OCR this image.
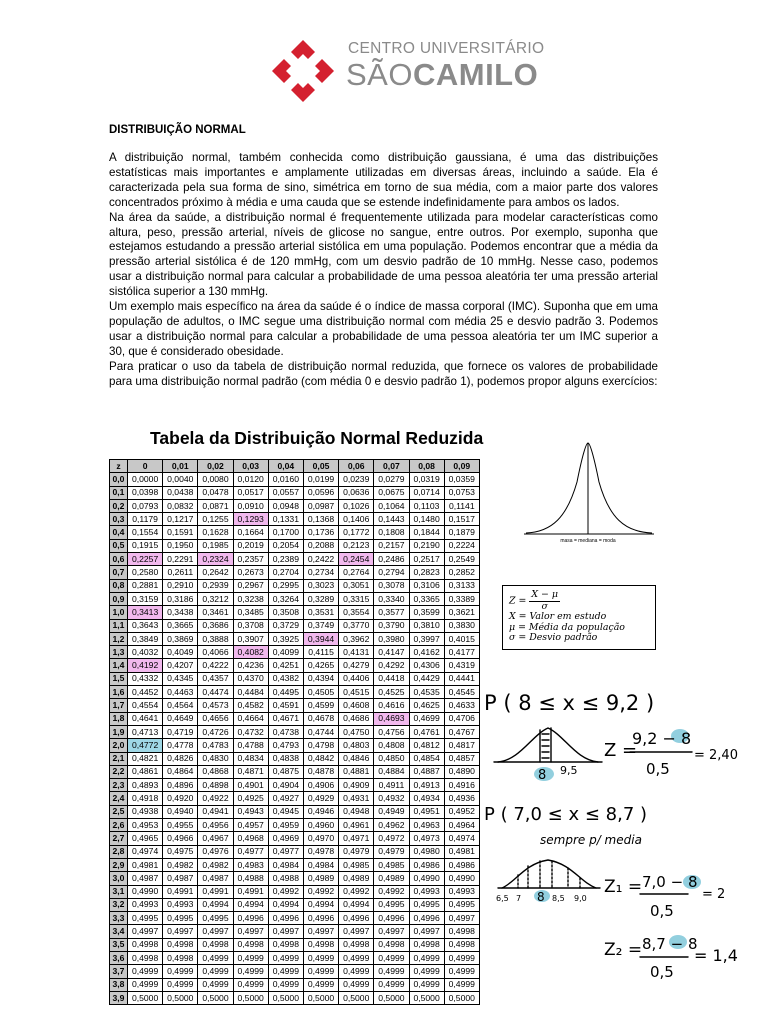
CENTRO UNIVERSITÁRIO
SÃOCAMILO
DISTRIBUIÇÃO NORMAL

A distribuição normal, também conhecida como distribuição gaussiana, é uma das distribuições estatísticas mais importantes e amplamente utilizadas em diversas áreas, incluindo a saúde. Ela é caracterizada pela sua forma de sino, simétrica em torno de sua média, com a maior parte dos valores concentrados próximo à média e uma cauda que se estende indefinidamente para ambos os lados.

Na área da saúde, a distribuição normal é frequentemente utilizada para modelar características como altura, peso, pressão arterial, níveis de glicose no sangue, entre outros. Por exemplo, suponha que estejamos estudando a pressão arterial sistólica em uma população. Podemos encontrar que a média da pressão arterial sistólica é de 120 mmHg, com um desvio padrão de 10 mmHg. Nesse caso, podemos usar a distribuição normal para calcular a probabilidade de uma pessoa aleatória ter uma pressão arterial sistólica superior a 130 mmHg.

Um exemplo mais específico na área da saúde é o índice de massa corporal (IMC). Suponha que em uma população de adultos, o IMC segue uma distribuição normal com média 25 e desvio padrão 3. Podemos usar a distribuição normal para calcular a probabilidade de uma pessoa aleatória ter um IMC superior a 30, que é considerado obesidade.

Para praticar o uso da tabela de distribuição normal reduzida, que fornece os valores de probabilidade para uma distribuição normal padrão (com média 0 e desvio padrão 1), podemos propor alguns exercícios:

Tabela da Distribuição Normal Reduzida
z	0	0,01	0,02	0,03	0,04	0,05	0,06	0,07	0,08	0,09
0,0	0,0000	0,0040	0,0080	0,0120	0,0160	0,0199	0,0239	0,0279	0,0319	0,0359
0,1	0,0398	0,0438	0,0478	0,0517	0,0557	0,0596	0,0636	0,0675	0,0714	0,0753
0,2	0,0793	0,0832	0,0871	0,0910	0,0948	0,0987	0,1026	0,1064	0,1103	0,1141
0,3	0,1179	0,1217	0,1255	0,1293	0,1331	0,1368	0,1406	0,1443	0,1480	0,1517
0,4	0,1554	0,1591	0,1628	0,1664	0,1700	0,1736	0,1772	0,1808	0,1844	0,1879
0,5	0,1915	0,1950	0,1985	0,2019	0,2054	0,2088	0,2123	0,2157	0,2190	0,2224
0,6	0,2257	0,2291	0,2324	0,2357	0,2389	0,2422	0,2454	0,2486	0,2517	0,2549
0,7	0,2580	0,2611	0,2642	0,2673	0,2704	0,2734	0,2764	0,2794	0,2823	0,2852
0,8	0,2881	0,2910	0,2939	0,2967	0,2995	0,3023	0,3051	0,3078	0,3106	0,3133
0,9	0,3159	0,3186	0,3212	0,3238	0,3264	0,3289	0,3315	0,3340	0,3365	0,3389
1,0	0,3413	0,3438	0,3461	0,3485	0,3508	0,3531	0,3554	0,3577	0,3599	0,3621
1,1	0,3643	0,3665	0,3686	0,3708	0,3729	0,3749	0,3770	0,3790	0,3810	0,3830
1,2	0,3849	0,3869	0,3888	0,3907	0,3925	0,3944	0,3962	0,3980	0,3997	0,4015
1,3	0,4032	0,4049	0,4066	0,4082	0,4099	0,4115	0,4131	0,4147	0,4162	0,4177
1,4	0,4192	0,4207	0,4222	0,4236	0,4251	0,4265	0,4279	0,4292	0,4306	0,4319
1,5	0,4332	0,4345	0,4357	0,4370	0,4382	0,4394	0,4406	0,4418	0,4429	0,4441
1,6	0,4452	0,4463	0,4474	0,4484	0,4495	0,4505	0,4515	0,4525	0,4535	0,4545
1,7	0,4554	0,4564	0,4573	0,4582	0,4591	0,4599	0,4608	0,4616	0,4625	0,4633
1,8	0,4641	0,4649	0,4656	0,4664	0,4671	0,4678	0,4686	0,4693	0,4699	0,4706
1,9	0,4713	0,4719	0,4726	0,4732	0,4738	0,4744	0,4750	0,4756	0,4761	0,4767
2,0	0,4772	0,4778	0,4783	0,4788	0,4793	0,4798	0,4803	0,4808	0,4812	0,4817
2,1	0,4821	0,4826	0,4830	0,4834	0,4838	0,4842	0,4846	0,4850	0,4854	0,4857
2,2	0,4861	0,4864	0,4868	0,4871	0,4875	0,4878	0,4881	0,4884	0,4887	0,4890
2,3	0,4893	0,4896	0,4898	0,4901	0,4904	0,4906	0,4909	0,4911	0,4913	0,4916
2,4	0,4918	0,4920	0,4922	0,4925	0,4927	0,4929	0,4931	0,4932	0,4934	0,4936
2,5	0,4938	0,4940	0,4941	0,4943	0,4945	0,4946	0,4948	0,4949	0,4951	0,4952
2,6	0,4953	0,4955	0,4956	0,4957	0,4959	0,4960	0,4961	0,4962	0,4963	0,4964
2,7	0,4965	0,4966	0,4967	0,4968	0,4969	0,4970	0,4971	0,4972	0,4973	0,4974
2,8	0,4974	0,4975	0,4976	0,4977	0,4977	0,4978	0,4979	0,4979	0,4980	0,4981
2,9	0,4981	0,4982	0,4982	0,4983	0,4984	0,4984	0,4985	0,4985	0,4986	0,4986
3,0	0,4987	0,4987	0,4987	0,4988	0,4988	0,4989	0,4989	0,4989	0,4990	0,4990
3,1	0,4990	0,4991	0,4991	0,4991	0,4992	0,4992	0,4992	0,4992	0,4993	0,4993
3,2	0,4993	0,4993	0,4994	0,4994	0,4994	0,4994	0,4994	0,4995	0,4995	0,4995
3,3	0,4995	0,4995	0,4995	0,4996	0,4996	0,4996	0,4996	0,4996	0,4996	0,4997
3,4	0,4997	0,4997	0,4997	0,4997	0,4997	0,4997	0,4997	0,4997	0,4997	0,4998
3,5	0,4998	0,4998	0,4998	0,4998	0,4998	0,4998	0,4998	0,4998	0,4998	0,4998
3,6	0,4998	0,4998	0,4999	0,4999	0,4999	0,4999	0,4999	0,4999	0,4999	0,4999
3,7	0,4999	0,4999	0,4999	0,4999	0,4999	0,4999	0,4999	0,4999	0,4999	0,4999
3,8	0,4999	0,4999	0,4999	0,4999	0,4999	0,4999	0,4999	0,4999	0,4999	0,4999
3,9	0,5000	0,5000	0,5000	0,5000	0,5000	0,5000	0,5000	0,5000	0,5000	0,5000
masa = mediana = moda
$Z = \frac{X - \mu}{\sigma}$
X = Valor em estudo
μ = Média da população
σ = Desvio padrão
P ( 8 ≤ x ≤ 9,2 )
8 9,5
Z =
9,2 − 8
0,5
= 2,40
P ( 7,0 ≤ x ≤ 8,7 )
sempre p/ media
6,5 7 8 8,5 9,0
Z₁ = 7,0 − 8
0,5
= 2
Z₂ = 8,7 − 8
0,5
= 1,4
